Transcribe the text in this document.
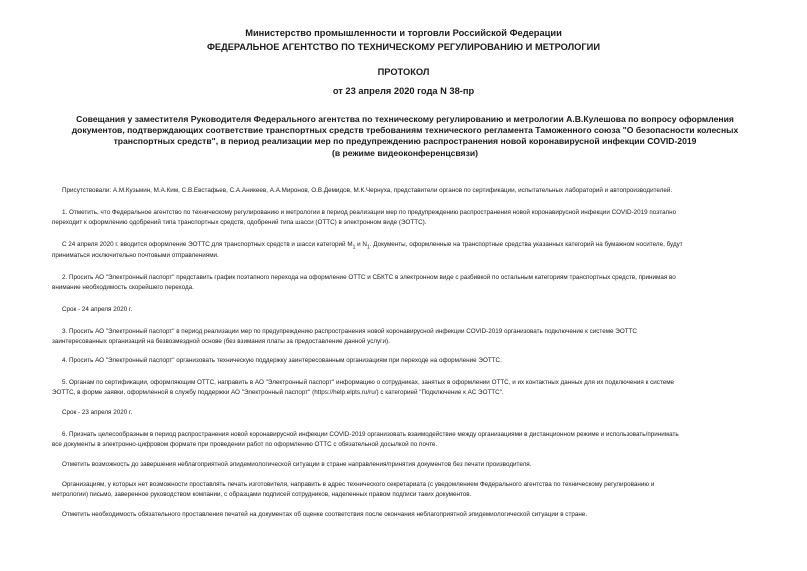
Министерство промышленности и торговли Российской Федерации
ФЕДЕРАЛЬНОЕ АГЕНТСТВО ПО ТЕХНИЧЕСКОМУ РЕГУЛИРОВАНИЮ И МЕТРОЛОГИИ
ПРОТОКОЛ
от 23 апреля 2020 года N 38-пр
Совещания у заместителя Руководителя Федерального агентства по техническому регулированию и метрологии А.В.Кулешова по вопросу оформления
документов, подтверждающих соответствие транспортных средств требованиям технического регламента Таможенного союза "О безопасности колесных
транспортных средств", в период реализации мер по предупреждению распространения новой коронавирусной инфекции COVID-2019
(в режиме видеоконференцсвязи)
Присутствовали: А.М.Кузьмин, М.А.Ким, С.В.Евстафьев, С.А.Аникеев, А.А.Миронов, О.В.Демидов, М.К.Чернуха, представители органов по сертификации, испытательных лабораторий и автопроизводителей.
1. Отметить, что Федеральное агентство по техническому регулированию и метрологии в период реализации мер по предупреждению распространения новой коронавирусной инфекции COVID-2019 поэтапно
переходит к оформлению одобрений типа транспортных средств, одобрений типа шасси (ОТТС) в электронном виде (ЭОТТС).
С 24 апреля 2020 г. вводится оформление ЭОТТС для транспортных средств и шасси категорий $M_1$ и $N_1$. Документы, оформленные на транспортные средства указанных категорий на бумажном носителе, будут
приниматься исключительно почтовыми отправлениями.
2. Просить АО "Электронный паспорт" представить график поэтапного перехода на оформление ОТТС и СБКТС в электронном виде с разбивкой по остальным категориям транспортных средств, принимая во
внимание необходимость скорейшего перехода.
Срок - 24 апреля 2020 г.
3. Просить АО "Электронный паспорт" в период реализации мер по предупреждению распространения новой коронавирусной инфекции COVID-2019 организовать подключение к системе ЭОТТС
заинтересованных организаций на безвозмездной основе (без взимания платы за предоставление данной услуги).
4. Просить АО "Электронный паспорт" организовать техническую поддержку заинтересованным организациям при переходе на оформление ЭОТТС.
5. Органам по сертификации, оформляющим ОТТС, направить в АО "Электронный паспорт" информацию о сотрудниках, занятых в оформлении ОТТС, и их контактных данных для их подключения к системе
ЭОТТС, в форме заявки, оформленной в службу поддержки АО "Электронный паспорт" (https://help.elpts.ru/ru/) с категорией "Подключение к АС ЭОТТС".
Срок - 23 апреля 2020 г.
6. Признать целесообразным в период распространения новой коронавирусной инфекции COVID-2019 организовать взаимодействие между организациями в дистанционном режиме и использовать/принимать
все документы в электронно-цифровом формате при проведении работ по оформлению ОТТС с обязательной досылкой по почте.
Отметить возможность до завершения неблагоприятной эпидемиологической ситуации в стране направления/принятия документов без печати производителя.
Организациям, у которых нет возможности проставлять печать изготовителя, направить в адрес технического секретариата (с уведомлением Федерального агентства по техническому регулированию и
метрологии) письмо, заверенное руководством компании, с образцами подписей сотрудников, наделенных правом подписи таких документов.
Отметить необходимость обязательного проставления печатей на документах об оценке соответствия после окончания неблагоприятной эпидемиологической ситуации в стране.
